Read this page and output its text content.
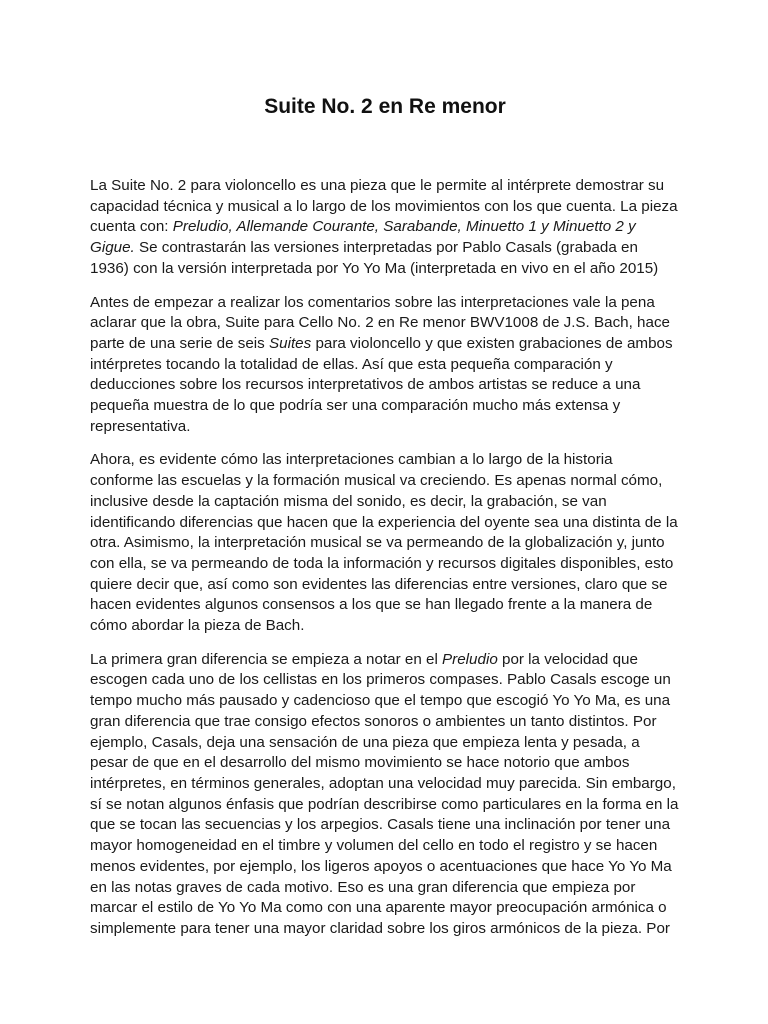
Suite No. 2 en Re menor

La Suite No. 2 para violoncello es una pieza que le permite al intérprete demostrar su capacidad técnica y musical a lo largo de los movimientos con los que cuenta. La pieza cuenta con: Preludio, Allemande Courante, Sarabande, Minuetto 1 y Minuetto 2 y Gigue. Se contrastarán las versiones interpretadas por Pablo Casals (grabada en 1936) con la versión interpretada por Yo Yo Ma (interpretada en vivo en el año 2015)

Antes de empezar a realizar los comentarios sobre las interpretaciones vale la pena aclarar que la obra, Suite para Cello No. 2 en Re menor BWV1008 de J.S. Bach, hace parte de una serie de seis Suites para violoncello y que existen grabaciones de ambos intérpretes tocando la totalidad de ellas. Así que esta pequeña comparación y deducciones sobre los recursos interpretativos de ambos artistas se reduce a una pequeña muestra de lo que podría ser una comparación mucho más extensa y representativa.

Ahora, es evidente cómo las interpretaciones cambian a lo largo de la historia conforme las escuelas y la formación musical va creciendo. Es apenas normal cómo, inclusive desde la captación misma del sonido, es decir, la grabación, se van identificando diferencias que hacen que la experiencia del oyente sea una distinta de la otra. Asimismo, la interpretación musical se va permeando de la globalización y, junto con ella, se va permeando de toda la información y recursos digitales disponibles, esto quiere decir que, así como son evidentes las diferencias entre versiones, claro que se hacen evidentes algunos consensos a los que se han llegado frente a la manera de cómo abordar la pieza de Bach.

La primera gran diferencia se empieza a notar en el Preludio por la velocidad que escogen cada uno de los cellistas en los primeros compases. Pablo Casals escoge un tempo mucho más pausado y cadencioso que el tempo que escogió Yo Yo Ma, es una gran diferencia que trae consigo efectos sonoros o ambientes un tanto distintos. Por ejemplo, Casals, deja una sensación de una pieza que empieza lenta y pesada, a pesar de que en el desarrollo del mismo movimiento se hace notorio que ambos intérpretes, en términos generales, adoptan una velocidad muy parecida. Sin embargo, sí se notan algunos énfasis que podrían describirse como particulares en la forma en la que se tocan las secuencias y los arpegios. Casals tiene una inclinación por tener una mayor homogeneidad en el timbre y volumen del cello en todo el registro y se hacen menos evidentes, por ejemplo, los ligeros apoyos o acentuaciones que hace Yo Yo Ma en las notas graves de cada motivo. Eso es una gran diferencia que empieza por marcar el estilo de Yo Yo Ma como con una aparente mayor preocupación armónica o simplemente para tener una mayor claridad sobre los giros armónicos de la pieza. Por
